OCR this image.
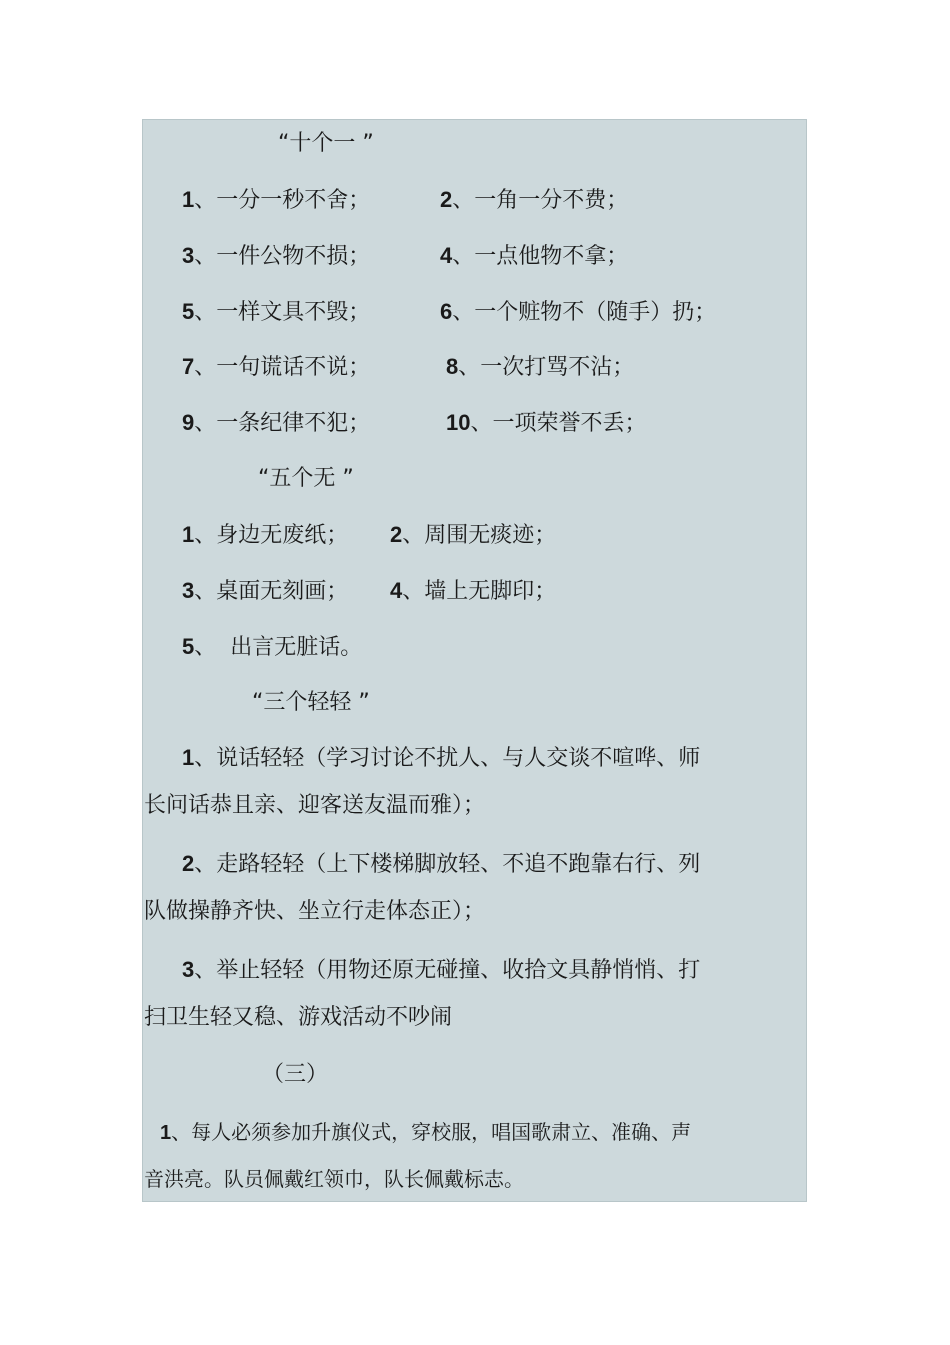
“十个一 ”
1、一分一秒不舍；	2、一角一分不费；
3、一件公物不损；	4、一点他物不拿；
5、一样文具不毁；	6、一个赃物不（随手）扔；
7、一句谎话不说；	8、一次打骂不沾；
9、一条纪律不犯；	10、一项荣誉不丢；
“五个无 ”
1、身边无废纸； 2、周围无痰迹；
3、桌面无刻画； 4、墙上无脚印；
5、  出言无脏话。
“三个轻轻 ”
1、说话轻轻（学习讨论不扰人、与人交谈不喧哗、师
长问话恭且亲、迎客送友温而雅）；
2、走路轻轻（上下楼梯脚放轻、不追不跑靠右行、列
队做操静齐快、坐立行走体态正）；
3、举止轻轻（用物还原无碰撞、收拾文具静悄悄、打
扫卫生轻又稳、游戏活动不吵闹
（三）
1、每人必须参加升旗仪式，穿校服，唱国歌肃立、准确、声
音洪亮。队员佩戴红领巾，队长佩戴标志。
